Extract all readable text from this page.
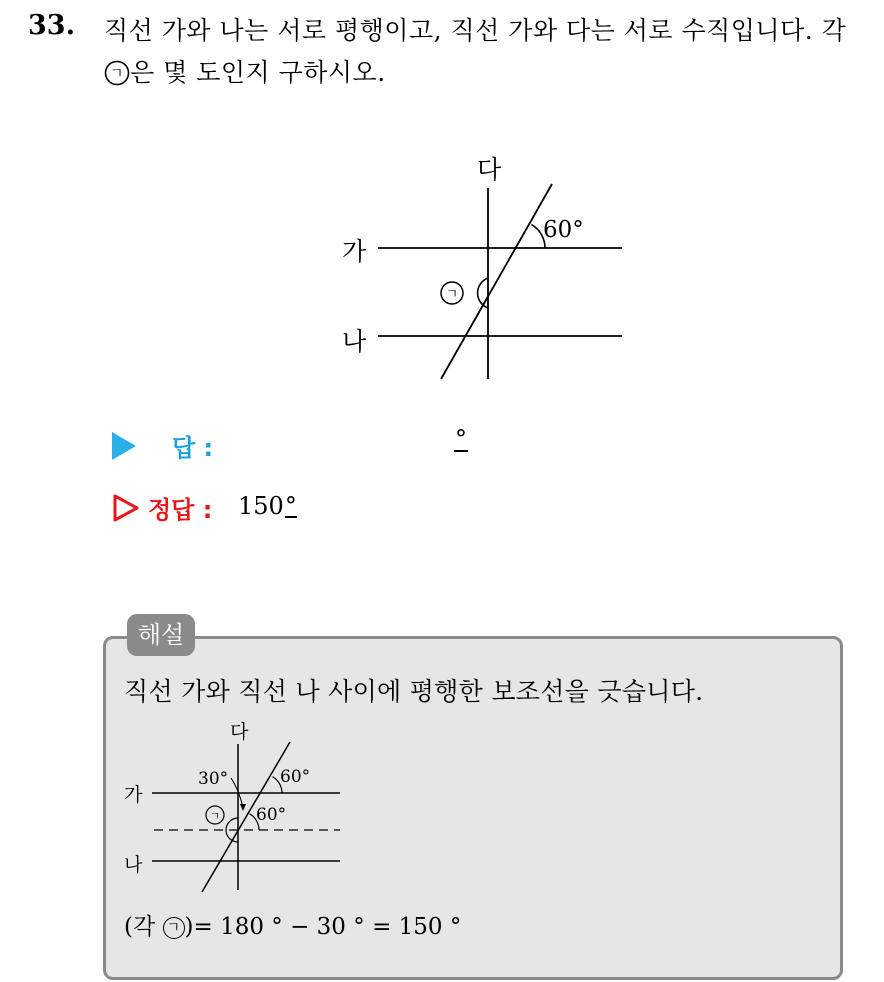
33. 직선 가와 나는 서로 평행이고, 직선 가와 다는 서로 수직입니다. 각

ㄱ 은 몇 도인지 구하시오.
다
가
나
60°
ㄱ
답 :	°
정답 : 150°
해설
직선 가와 직선 나 사이에 평행한 보조선을 긋습니다.
다
가
나
30°	60°
60°
ㄱ
(각 ㄱ )= 180 ° − 30 ° = 150 °
